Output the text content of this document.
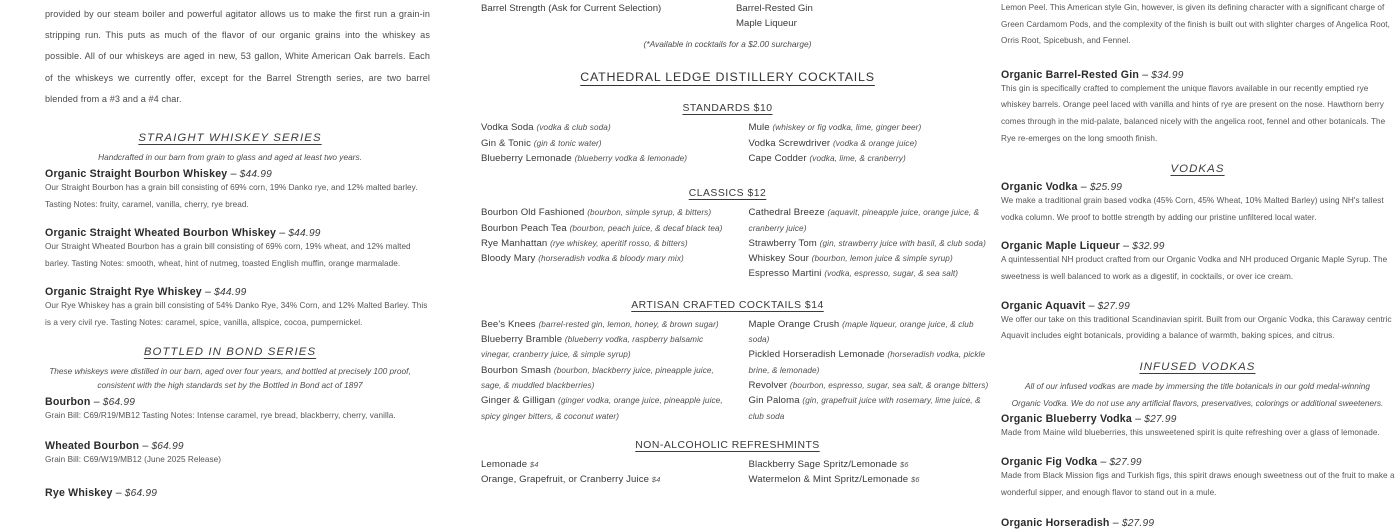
provided by our steam boiler and powerful agitator allows us to make the first run a grain-in stripping run. This puts as much of the flavor of our organic grains into the whiskey as possible. All of our whiskeys are aged in new, 53 gallon, White American Oak barrels. Each of the whiskeys we currently offer, except for the Barrel Strength series, are two barrel blended from a #3 and a #4 char.
STRAIGHT WHISKEY SERIES
Handcrafted in our barn from grain to glass and aged at least two years.
Organic Straight Bourbon Whiskey – $44.99
Our Straight Bourbon has a grain bill consisting of 69% corn, 19% Danko rye, and 12% malted barley. Tasting Notes: fruity, caramel, vanilla, cherry, rye bread.
Organic Straight Wheated Bourbon Whiskey – $44.99
Our Straight Wheated Bourbon has a grain bill consisting of 69% corn, 19% wheat, and 12% malted barley. Tasting Notes: smooth, wheat, hint of nutmeg, toasted English muffin, orange marmalade.
Organic Straight Rye Whiskey – $44.99
Our Rye Whiskey has a grain bill consisting of 54% Danko Rye, 34% Corn, and 12% Malted Barley. This is a very civil rye. Tasting Notes: caramel, spice, vanilla, allspice, cocoa, pumpernickel.
BOTTLED IN BOND SERIES
These whiskeys were distilled in our barn, aged over four years, and bottled at precisely 100 proof,
consistent with the high standards set by the Bottled in Bond act of 1897
Bourbon – $64.99
Grain Bill: C69/R19/MB12 Tasting Notes: Intense caramel, rye bread, blackberry, cherry, vanilla.
Wheated Bourbon – $64.99
Grain Bill: C69/W19/MB12 (June 2025 Release)
Rye Whiskey – $64.99
Barrel Strength (Ask for Current Selection)	Barrel-Rested Gin
Maple Liqueur
(*Available in cocktails for a $2.00 surcharge)
CATHEDRAL LEDGE DISTILLERY COCKTAILS
STANDARDS $10
Vodka Soda (vodka & club soda)
Gin & Tonic (gin & tonic water)
Blueberry Lemonade (blueberry vodka & lemonade)
Mule (whiskey or fig vodka, lime, ginger beer)
Vodka Screwdriver (vodka & orange juice)
Cape Codder (vodka, lime, & cranberry)
CLASSICS $12
Bourbon Old Fashioned (bourbon, simple syrup, & bitters)
Bourbon Peach Tea (bourbon, peach juice, & decaf black tea)
Rye Manhattan (rye whiskey, aperitif rosso, & bitters)
Bloody Mary (horseradish vodka & bloody mary mix)
Cathedral Breeze (aquavit, pineapple juice, orange juice, & cranberry juice)
Strawberry Tom (gin, strawberry juice with basil, & club soda)
Whiskey Sour (bourbon, lemon juice & simple syrup)
Espresso Martini (vodka, espresso, sugar, & sea salt)
ARTISAN CRAFTED COCKTAILS $14
Bee's Knees (barrel-rested gin, lemon, honey, & brown sugar)
Blueberry Bramble (blueberry vodka, raspberry balsamic vinegar, cranberry juice, & simple syrup)
Bourbon Smash (bourbon, blackberry juice, pineapple juice, sage, & muddled blackberries)
Ginger & Gilligan (ginger vodka, orange juice, pineapple juice, spicy ginger bitters, & coconut water)
Maple Orange Crush (maple liqueur, orange juice, & club soda)
Pickled Horseradish Lemonade (horseradish vodka, pickle brine, & lemonade)
Revolver (bourbon, espresso, sugar, sea salt, & orange bitters)
Gin Paloma (gin, grapefruit juice with rosemary, lime juice, & club soda
NON-ALCOHOLIC REFRESHMINTS
Lemonade $4
Orange, Grapefruit, or Cranberry Juice $4
Blackberry Sage Spritz/Lemonade $6
Watermelon & Mint Spritz/Lemonade $6
Lemon Peel. This American style Gin, however, is given its defining character with a significant charge of Green Cardamom Pods, and the complexity of the finish is built out with slighter charges of Angelica Root, Orris Root, Spicebush, and Fennel.
Organic Barrel-Rested Gin – $34.99
This gin is specifically crafted to complement the unique flavors available in our recently emptied rye whiskey barrels. Orange peel laced with vanilla and hints of rye are present on the nose. Hawthorn berry comes through in the mid-palate, balanced nicely with the angelica root, fennel and other botanicals. The Rye re-emerges on the long smooth finish.
VODKAS
Organic Vodka – $25.99
We make a traditional grain based vodka (45% Corn, 45% Wheat, 10% Malted Barley) using NH's tallest vodka column. We proof to bottle strength by adding our pristine unfiltered local water.
Organic Maple Liqueur – $32.99
A quintessential NH product crafted from our Organic Vodka and NH produced Organic Maple Syrup. The sweetness is well balanced to work as a digestif, in cocktails, or over ice cream.
Organic Aquavit – $27.99
We offer our take on this traditional Scandinavian spirit. Built from our Organic Vodka, this Caraway centric Aquavit includes eight botanicals, providing a balance of warmth, baking spices, and citrus.
INFUSED VODKAS
All of our infused vodkas are made by immersing the title botanicals in our gold medal-winning
Organic Vodka. We do not use any artificial flavors, preservatives, colorings or additional sweeteners.
Organic Blueberry Vodka – $27.99
Made from Maine wild blueberries, this unsweetened spirit is quite refreshing over a glass of lemonade.
Organic Fig Vodka – $27.99
Made from Black Mission figs and Turkish figs, this spirit draws enough sweetness out of the fruit to make a wonderful sipper, and enough flavor to stand out in a mule.
Organic Horseradish – $27.99
